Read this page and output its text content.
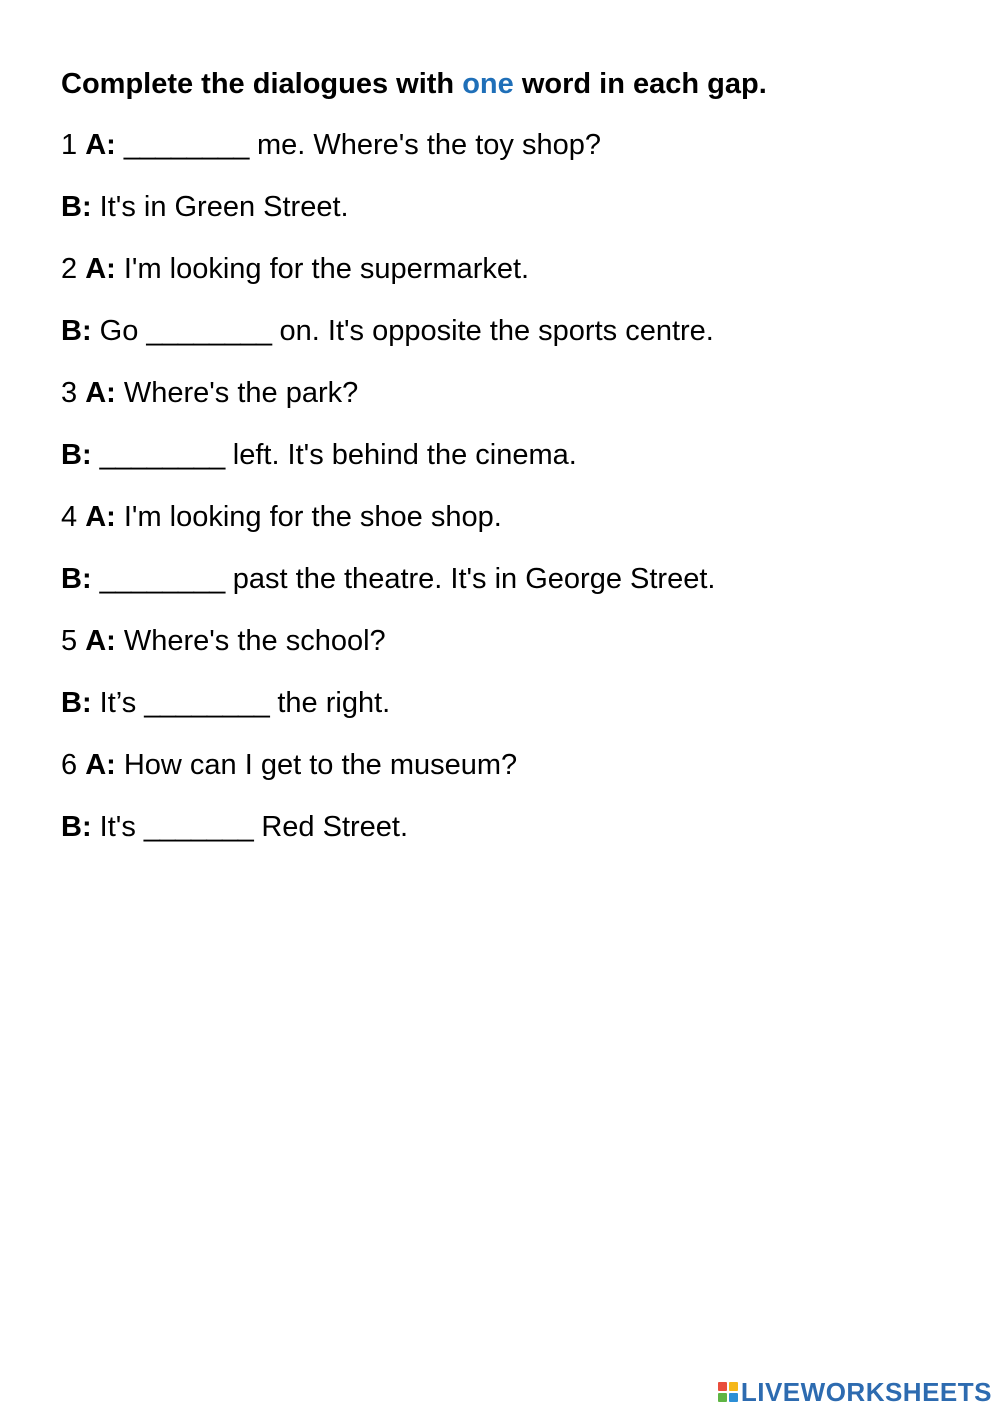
Complete the dialogues with one word in each gap.
1 A: ________ me. Where's the toy shop?
B: It's in Green Street.
2 A: I'm looking for the supermarket.
B: Go ________ on. It's opposite the sports centre.
3 A: Where's the park?
B: ________ left. It's behind the cinema.
4 A: I'm looking for the shoe shop.
B: ________ past the theatre. It's in George Street.
5 A: Where's the school?
B: It’s ________ the right.
6 A: How can I get to the museum?
B: It's _______ Red Street.
LIVEWORKSHEETS
